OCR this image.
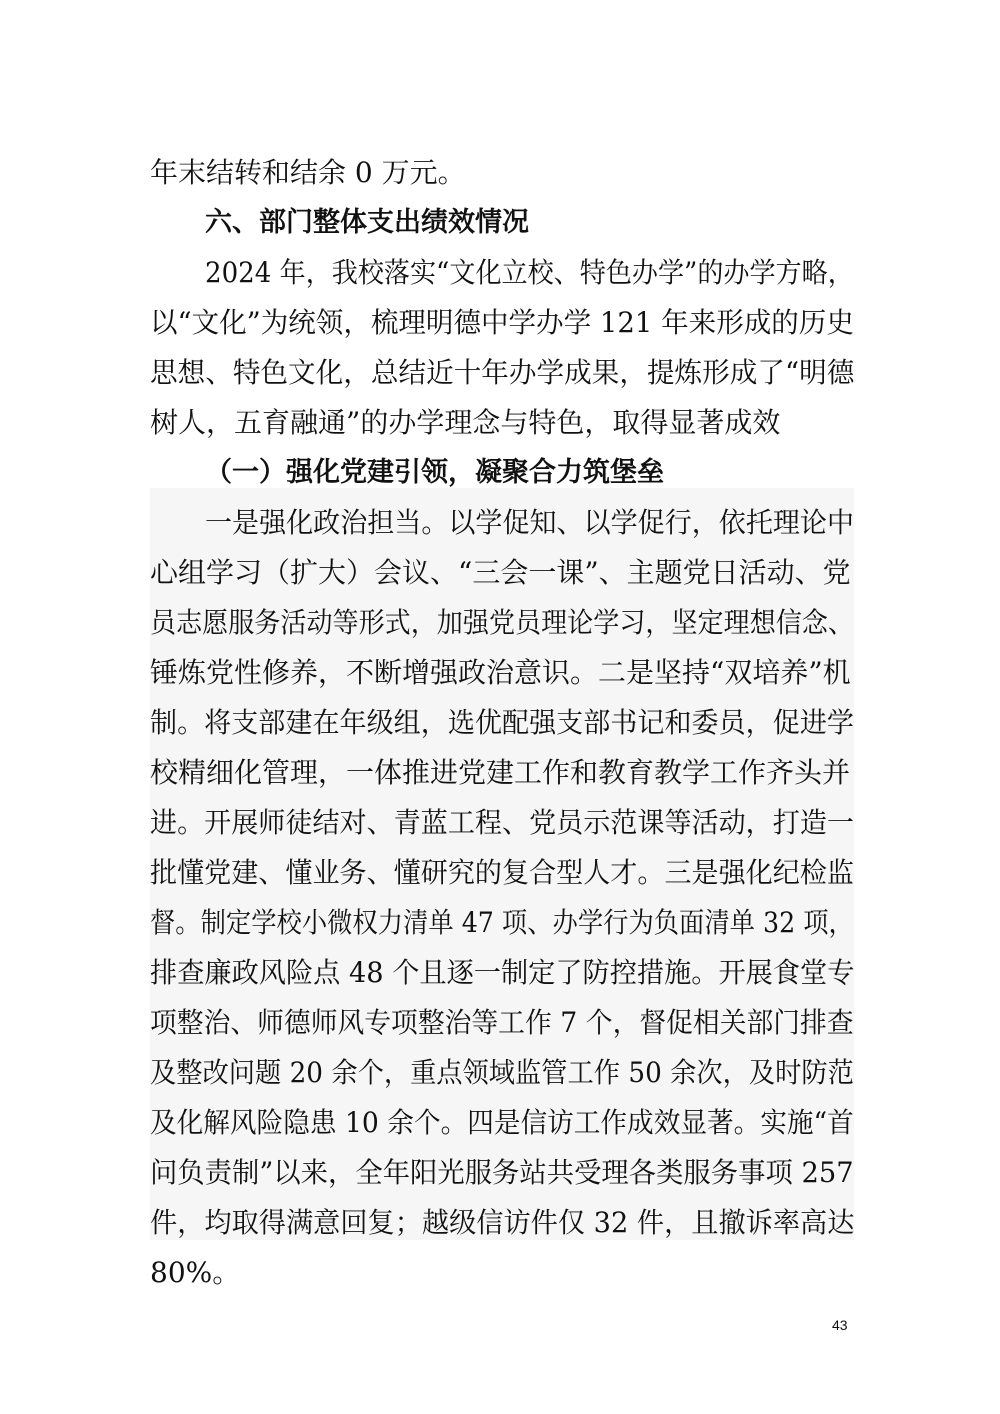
年末结转和结余 0 万元。
六、部门整体支出绩效情况
2024 年，我校落实“文化立校、特色办学”的办学方略，
以“文化”为统领，梳理明德中学办学 121 年来形成的历史
思想、特色文化，总结近十年办学成果，提炼形成了“明德
树人，五育融通”的办学理念与特色，取得显著成效
（一）强化党建引领，凝聚合力筑堡垒
一是强化政治担当。以学促知、以学促行，依托理论中
心组学习（扩大）会议、“三会一课”、主题党日活动、党
员志愿服务活动等形式，加强党员理论学习，坚定理想信念、
锤炼党性修养，不断增强政治意识。二是坚持“双培养”机
制。将支部建在年级组，选优配强支部书记和委员，促进学
校精细化管理，一体推进党建工作和教育教学工作齐头并
进。开展师徒结对、青蓝工程、党员示范课等活动，打造一
批懂党建、懂业务、懂研究的复合型人才。三是强化纪检监
督。制定学校小微权力清单 47 项、办学行为负面清单 32 项，
排查廉政风险点 48 个且逐一制定了防控措施。开展食堂专
项整治、师德师风专项整治等工作 7 个，督促相关部门排查
及整改问题 20 余个，重点领域监管工作 50 余次，及时防范
及化解风险隐患 10 余个。四是信访工作成效显著。实施“首
问负责制”以来，全年阳光服务站共受理各类服务事项 257
件，均取得满意回复；越级信访件仅 32 件，且撤诉率高达
80%。
43
